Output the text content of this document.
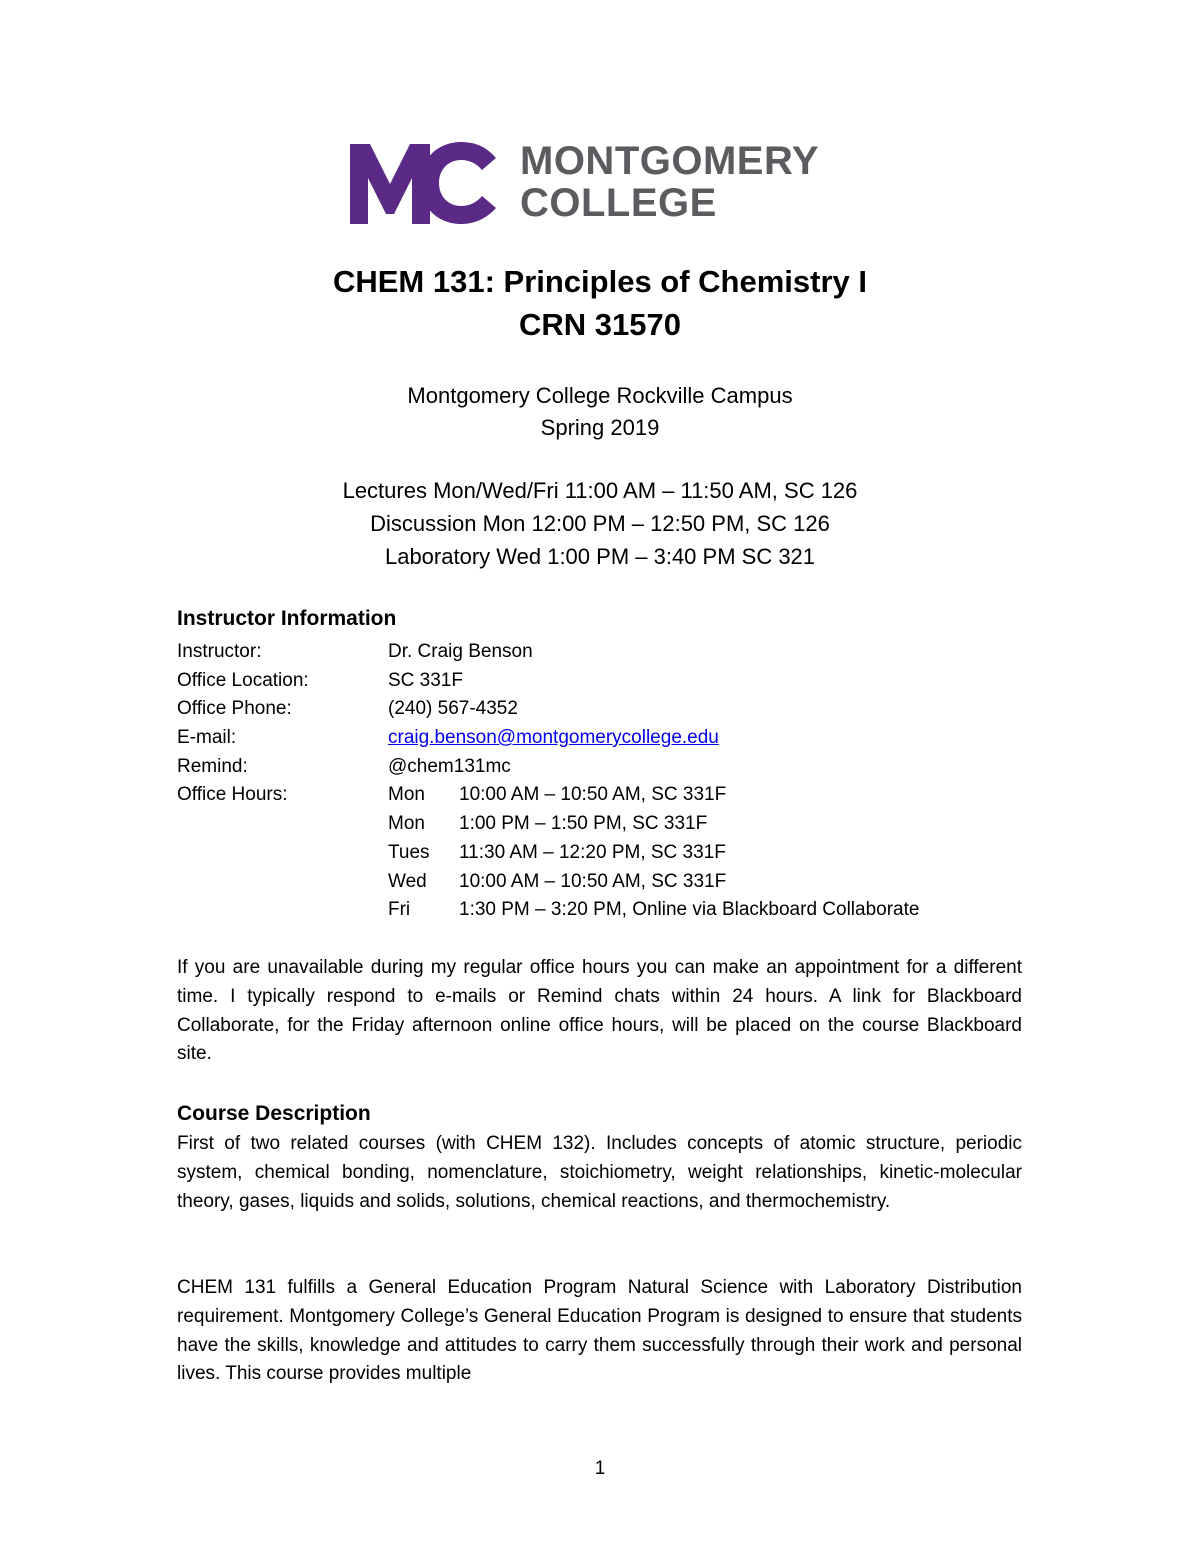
MONTGOMERY
COLLEGE
CHEM 131: Principles of Chemistry I
CRN 31570
Montgomery College Rockville Campus
Spring 2019
Lectures Mon/Wed/Fri 11:00 AM – 11:50 AM, SC 126
Discussion Mon 12:00 PM – 12:50 PM, SC 126
Laboratory Wed 1:00 PM – 3:40 PM SC 321
Instructor Information
Instructor:	Dr. Craig Benson
Office Location:	SC 331F
Office Phone:	(240) 567-4352
E-mail:	craig.benson@montgomerycollege.edu
Remind:	@chem131mc
Office Hours:	Mon 10:00 AM – 10:50 AM, SC 331F
Mon 1:00 PM – 1:50 PM, SC 331F
Tues 11:30 AM – 12:20 PM, SC 331F
Wed 10:00 AM – 10:50 AM, SC 331F
Fri	1:30 PM – 3:20 PM, Online via Blackboard Collaborate
If you are unavailable during my regular office hours you can make an appointment for a different time. I typically respond to e-mails or Remind chats within 24 hours. A link for Blackboard Collaborate, for the Friday afternoon online office hours, will be placed on the course Blackboard site.
Course Description
First of two related courses (with CHEM 132). Includes concepts of atomic structure, periodic system, chemical bonding, nomenclature, stoichiometry, weight relationships, kinetic-molecular theory, gases, liquids and solids, solutions, chemical reactions, and thermochemistry.
CHEM 131 fulfills a General Education Program Natural Science with Laboratory Distribution requirement. Montgomery College’s General Education Program is designed to ensure that students have the skills, knowledge and attitudes to carry them successfully through their work and personal lives. This course provides multiple
1
